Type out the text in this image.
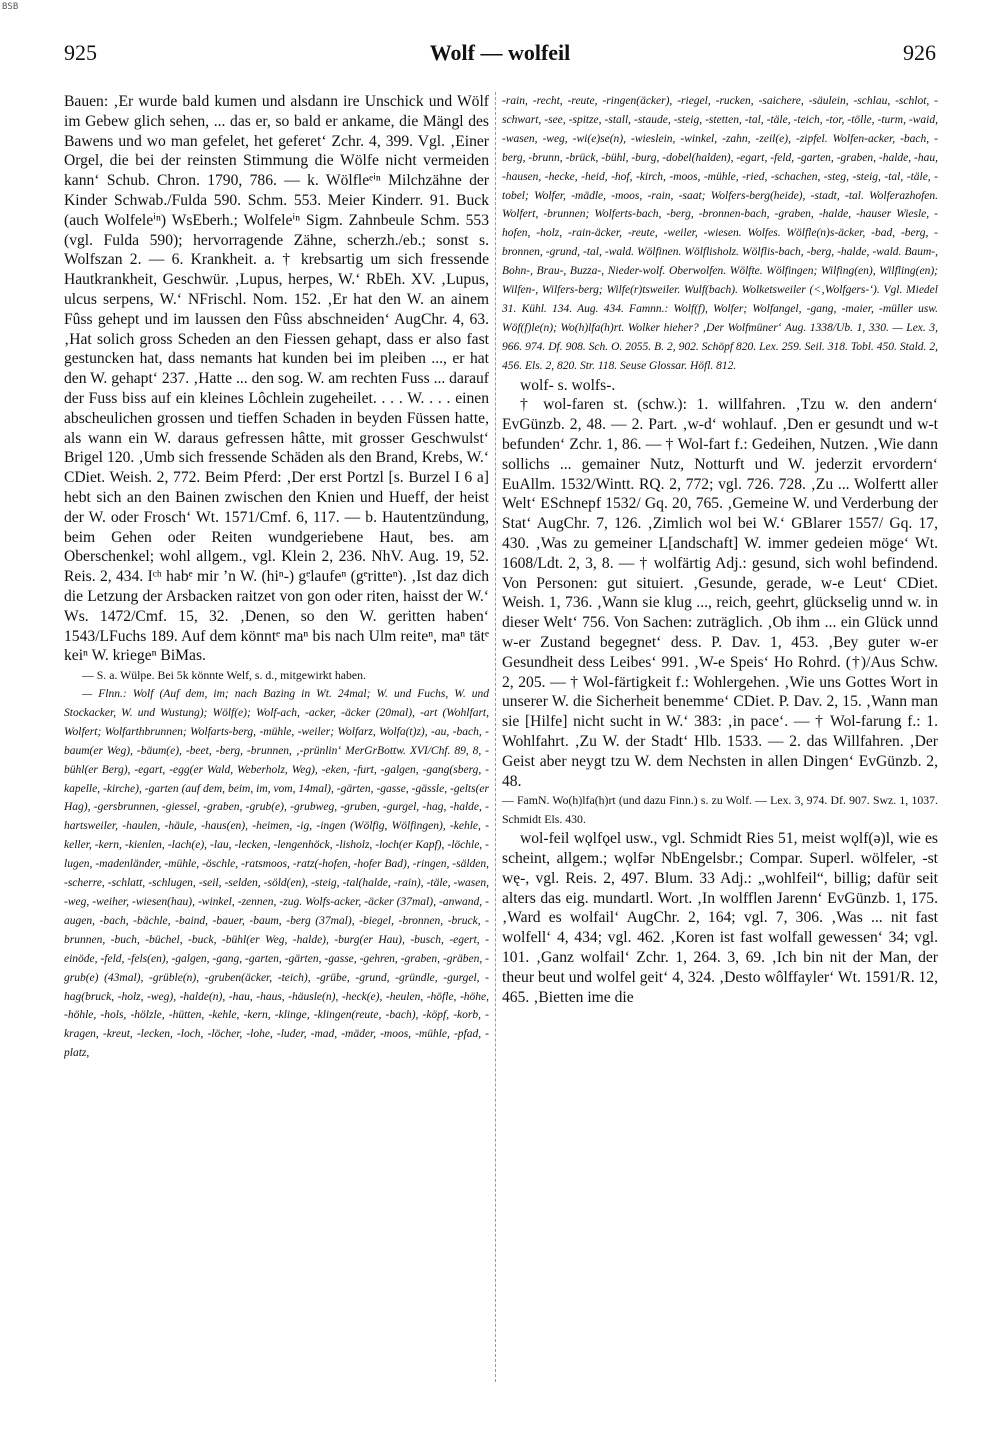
BSB
925	Wolf — wolfeil	926

Bauen: ‚Er wurde bald kumen und alsdann ire Unschick und Wölf im Gebew glich sehen, ... das er, so bald er ankame, die Mängl des Bawens und wo man gefelet, het geferet‘ Zchr. 4, 399. Vgl. ‚Einer Orgel, die bei der reinsten Stimmung die Wölfe nicht vermeiden kann‘ Schub. Chron. 1790, 786. — k. Wölfleᵉⁱⁿ Milchzähne der Kinder Schwab./Fulda 590. Schm. 553. Meier Kinderr. 91. Buck (auch Wolfeleⁱⁿ) WsEberh.; Wolfeleⁱⁿ Sigm. Zahnbeule Schm. 553 (vgl. Fulda 590); hervorragende Zähne, scherzh./eb.; sonst s. Wolfszan 2. — 6. Krankheit. a. † krebsartig um sich fressende Hautkrankheit, Geschwür. ‚Lupus, herpes, W.‘ RbEh. XV. ‚Lupus, ulcus serpens, W.‘ NFrischl. Nom. 152. ‚Er hat den W. an ainem Fûss gehept und im laussen den Fûss abschneiden‘ AugChr. 4, 63. ‚Hat solich gross Scheden an den Fiessen gehapt, dass er also fast gestuncken hat, dass nemants hat kunden bei im pleiben ..., er hat den W. gehapt‘ 237. ‚Hatte ... den sog. W. am rechten Fuss ... darauf der Fuss biss auf ein kleines Lôchlein zugeheilet. . . . W. . . . einen abscheulichen grossen und tieffen Schaden in beyden Füssen hatte, als wann ein W. daraus gefressen hâtte, mit grosser Geschwulst‘ Brigel 120. ‚Umb sich fressende Schäden als den Brand, Krebs, W.‘ CDiet. Weish. 2, 772. Beim Pferd: ‚Der erst Portzl [s. Burzel I 6 a] hebt sich an den Bainen zwischen den Knien und Hueff, der heist der W. oder Frosch‘ Wt. 1571/Cmf. 6, 117. — b. Hautentzündung, beim Gehen oder Reiten wundgeriebene Haut, bes. am Oberschenkel; wohl allgem., vgl. Klein 2, 236. NhV. Aug. 19, 52. Reis. 2, 434. Iᶜʰ habᵉ mir ’n W. (hiⁿ-) gᵉlaufeⁿ (gᵉritteⁿ). ‚Ist daz dich die Letzung der Arsbacken raitzet von gon oder riten, haisst der W.‘ Ws. 1472/Cmf. 15, 32. ‚Denen, so den W. geritten haben‘ 1543/LFuchs 189. Auf dem könntᵉ maⁿ bis nach Ulm reiteⁿ, maⁿ tätᵉ keiⁿ W. kriegeⁿ BiMas.

— S. a. Wülpe. Bei 5k könnte Welf, s. d., mitgewirkt haben.

— Flnn.: Wolf (Auf dem, im; nach Bazing in Wt. 24mal; W. und Fuchs, W. und Stockacker, W. und Wustung); Wölf(e); Wolf-ach, -acker, -äcker (20mal), -art (Wohlfart, Wolfert; Wolfarthbrunnen; Wolfarts-berg, -mühle, -weiler; Wolfarz, Wolfa(t)z), -au, -bach, -baum(er Weg), -bäum(e), -beet, -berg, -brunnen, ‚-prünlin‘ MerGrBottw. XVI/Chf. 89, 8, -bühl(er Berg), -egart, -egg(er Wald, Weberholz, Weg), -eken, -furt, -galgen, -gang(sberg, -kapelle, -kirche), -garten (auf dem, beim, im, vom, 14mal), -gärten, -gasse, -gässle, -gelts(er Hag), -gersbrunnen, -giessel, -graben, -grub(e), -grubweg, -gruben, -gurgel, -hag, -halde, -hartsweiler, -haulen, -häule, -haus(en), -heimen, -ig, -ingen (Wölfig, Wölfingen), -kehle, -keller, -kern, -kienlen, -lach(e), -lau, -lecken, -lengenhöck, -lisholz, -loch(er Kapf), -löchle, -lugen, -madenländer, -mühle, -öschle, -ratsmoos, -ratz(-hofen, -hofer Bad), -ringen, -sälden, -scherre, -schlatt, -schlugen, -seil, -selden, -söld(en), -steig, -tal(halde, -rain), -täle, -wasen, -weg, -weiher, -wiesen(hau), -winkel, -zennen, -zug. Wolfs-acker, -äcker (37mal), -anwand, -augen, -bach, -bächle, -baind, -bauer, -baum, -berg (37mal), -biegel, -bronnen, -bruck, -brunnen, -buch, -büchel, -buck, -bühl(er Weg, -halde), -burg(er Hau), -busch, -egert, -einöde, -feld, -fels(en), -galgen, -gang, -garten, -gärten, -gasse, -gehren, -graben, -gräben, -grub(e) (43mal), -grüble(n), -gruben(äcker, -teich), -grübe, -grund, -gründle, -gurgel, -hag(bruck, -holz, -weg), -halde(n), -hau, -haus, -häusle(n), -heck(e), -heulen, -höfle, -höhe, -höhle, -hols, -hölzle, -hütten, -kehle, -kern, -klinge, -klingen(reute, -bach), -köpf, -korb, -kragen, -kreut, -lecken, -loch, -löcher, -lohe, -luder, -mad, -mäder, -moos, -mühle, -pfad, -platz,

-rain, -recht, -reute, -ringen(äcker), -riegel, -rucken, -saichere, -säulein, -schlau, -schlot, -schwart, -see, -spitze, -stall, -staude, -steig, -stetten, -tal, -täle, -teich, -tor, -tölle, -turm, -waid, -wasen, -weg, -wi(e)se(n), -wieslein, -winkel, -zahn, -zeil(e), -zipfel. Wolfen-acker, -bach, -berg, -brunn, -brück, -bühl, -burg, -dobel(halden), -egart, -feld, -garten, -graben, -halde, -hau, -hausen, -hecke, -heid, -hof, -kirch, -moos, -mühle, -ried, -schachen, -steg, -steig, -tal, -täle, -tobel; Wolfer, -mädle, -moos, -rain, -saat; Wolfers-berg(heide), -stadt, -tal. Wolferazhofen. Wolfert, -brunnen; Wolferts-bach, -berg, -bronnen-bach, -graben, -halde, -hauser Wiesle, -hofen, -holz, -rain-äcker, -reute, -weiler, -wiesen. Wolfes. Wölfle(n)s-äcker, -bad, -berg, -bronnen, -grund, -tal, -wald. Wölfinen. Wölflisholz. Wölflis-bach, -berg, -halde, -wald. Baum-, Bohn-, Brau-, Buzza-, Nieder-wolf. Oberwolfen. Wölfte. Wölfingen; Wilfing(en), Wilfling(en); Wilfen-, Wilfers-berg; Wilfe(r)tsweiler. Wulf(bach). Wolketsweiler (<‚Wolfgers-‘). Vgl. Miedel 31. Kühl. 134. Aug. 434. Famnn.: Wolf(f), Wolfer; Wolfangel, -gang, -maier, -müller usw. Wöf(f)le(n); Wo(h)lfa(h)rt. Wolker hieher? ‚Der Wolfmüner‘ Aug. 1338/Ub. 1, 330. — Lex. 3, 966. 974. Df. 908. Sch. O. 2055. B. 2, 902. Schöpf 820. Lex. 259. Seil. 318. Tobl. 450. Stald. 2, 456. Els. 2, 820. Str. 118. Seuse Glossar. Höfl. 812.

wolf- s. wolfs-.

† wol-faren st. (schw.): 1. willfahren. ‚Tzu w. den andern‘ EvGünzb. 2, 48. — 2. Part. ‚w-d‘ wohlauf. ‚Den er gesundt und w-t befunden‘ Zchr. 1, 86. — † Wol-fart f.: Gedeihen, Nutzen. ‚Wie dann sollichs ... gemainer Nutz, Notturft und W. jederzit ervordern‘ EuAllm. 1532/Wintt. RQ. 2, 772; vgl. 726. 728. ‚Zu ... Wolfertt aller Welt‘ ESchnepf 1532/ Gq. 20, 765. ‚Gemeine W. und Verderbung der Stat‘ AugChr. 7, 126. ‚Zimlich wol bei W.‘ GBlarer 1557/ Gq. 17, 430. ‚Was zu gemeiner L[andschaft] W. immer gedeien möge‘ Wt. 1608/Ldt. 2, 3, 8. — † wolfärtig Adj.: gesund, sich wohl befindend. Von Personen: gut situiert. ‚Gesunde, gerade, w-e Leut‘ CDiet. Weish. 1, 736. ‚Wann sie klug ..., reich, geehrt, glückselig unnd w. in dieser Welt‘ 756. Von Sachen: zuträglich. ‚Ob ihm ... ein Glück unnd w-er Zustand begegnet‘ dess. P. Dav. 1, 453. ‚Bey guter w-er Gesundheit dess Leibes‘ 991. ‚W-e Speis‘ Ho Rohrd. (†)/Aus Schw. 2, 205. — † Wol-färtigkeit f.: Wohlergehen. ‚Wie uns Gottes Wort in unserer W. die Sicherheit benemme‘ CDiet. P. Dav. 2, 15. ‚Wann man sie [Hilfe] nicht sucht in W.‘ 383: ‚in pace‘. — † Wol-farung f.: 1. Wohlfahrt. ‚Zu W. der Stadt‘ Hlb. 1533. — 2. das Willfahren. ‚Der Geist aber neygt tzu W. dem Nechsten in allen Dingen‘ EvGünzb. 2, 48.

— FamN. Wo(h)lfa(h)rt (und dazu Finn.) s. zu Wolf. — Lex. 3, 974. Df. 907. Swz. 1, 1037. Schmidt Els. 430.

wol-feil wǫlfǫel usw., vgl. Schmidt Ries 51, meist wǫlf(ə)l, wie es scheint, allgem.; wǫlfər NbEngelsbr.; Compar. Superl. wölfeler, -st wę-, vgl. Reis. 2, 497. Blum. 33 Adj.: „wohlfeil“, billig; dafür seit alters das eig. mundartl. Wort. ‚In wolfflen Jarenn‘ EvGünzb. 1, 175. ‚Ward es wolfail‘ AugChr. 2, 164; vgl. 7, 306. ‚Was ... nit fast wolfell‘ 4, 434; vgl. 462. ‚Koren ist fast wolfall gewessen‘ 34; vgl. 101. ‚Ganz wolfail‘ Zchr. 1, 264. 3, 69. ‚Ich bin nit der Man, der theur beut und wolfel geit‘ 4, 324. ‚Desto wôlffayler‘ Wt. 1591/R. 12, 465. ‚Bietten ime die
